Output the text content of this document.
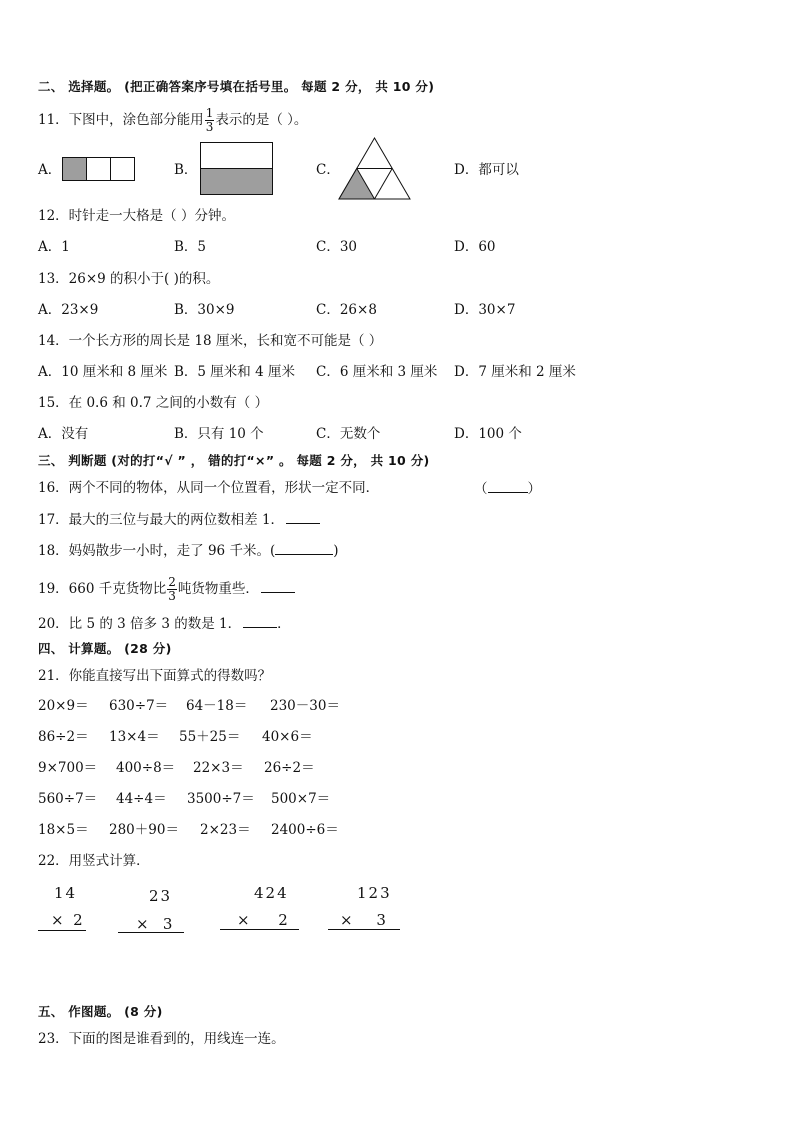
二、 选择题。 (把正确答案序号填在括号里。 每题 2 分， 共 10 分)
11．下图中，涂色部分能用 $\frac{1}{3}$ 表示的是（ ）。
A．	B．	C．	D．都可以
12．时针走一大格是（ ）分钟。
A．1	B．5	C．30	D．60
13．26×9 的积小于( )的积。
A．23×9	B．30×9	C．26×8	D．30×7
14．一个长方形的周长是 18 厘米，长和宽不可能是（ ）
A．10 厘米和 8 厘米 B．5 厘米和 4 厘米 C．6 厘米和 3 厘米 D．7 厘米和 2 厘米
15．在 0.6 和 0.7 之间的小数有（ ）
A．没有	B．只有 10 个	C．无数个	D．100 个
三、 判断题 (对的打“√ ” ， 错的打“×” 。 每题 2 分， 共 10 分)
16．两个不同的物体，从同一个位置看，形状一定不同．	（	）
17．最大的三位与最大的两位数相差 1．
18．妈妈散步一小时，走了 96 千米。(	)
19．660 千克货物比 $\frac{2}{3}$ 吨货物重些．
20．比 5 的 3 倍多 3 的数是 1．	．
四、 计算题。 (28 分)
21．你能直接写出下面算式的得数吗？
20×9＝ 630÷7＝ 64－18＝ 230－30＝
86÷2＝ 13×4＝ 55＋25＝ 40×6＝
9×700＝ 400÷8＝ 22×3＝ 26÷2＝
560÷7＝ 44÷4＝ 3500÷7＝ 500×7＝
18×5＝ 280＋90＝ 2×23＝ 2400÷6＝
22．用竖式计算．
14
× 2
23
× 3
424
× 2
123
× 3
五、 作图题。 (8 分)
23．下面的图是谁看到的，用线连一连。
